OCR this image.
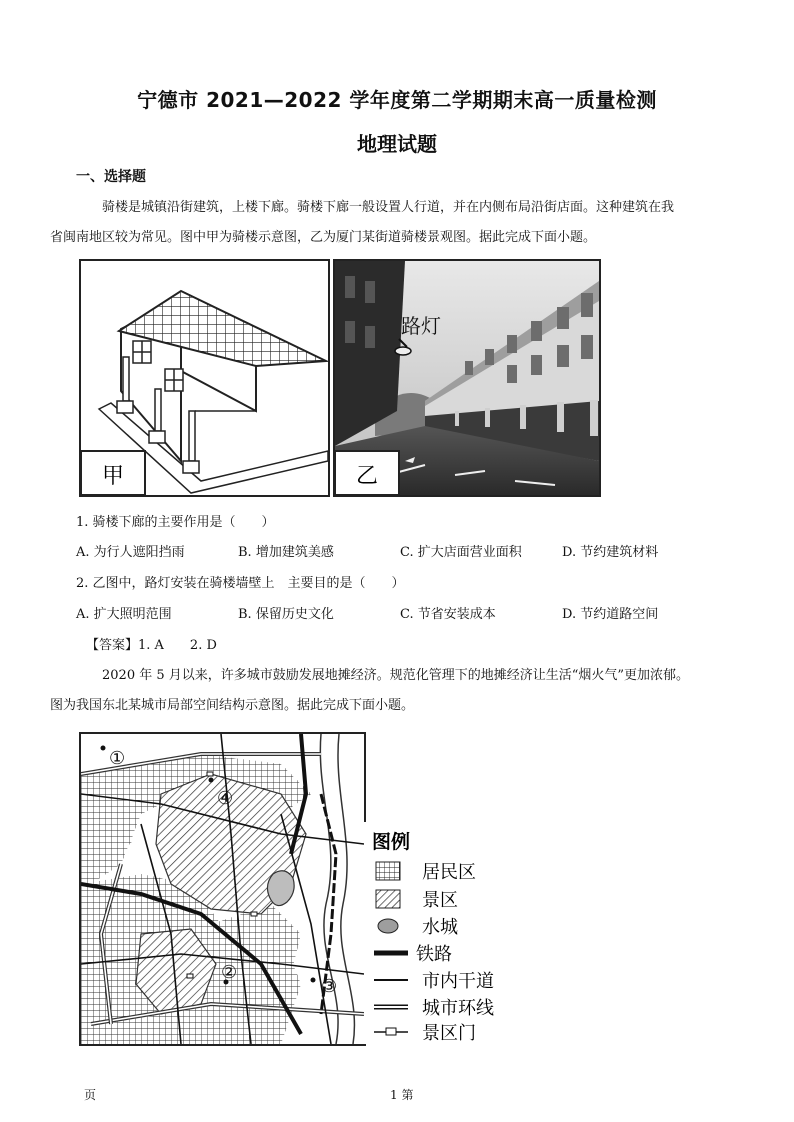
宁德市 2021—2022 学年度第二学期期末高一质量检测
地理试题
一、选择题
骑楼是城镇沿街建筑，上楼下廊。骑楼下廊一般设置人行道，并在内侧布局沿街店面。这种建筑在我
省闽南地区较为常见。图中甲为骑楼示意图，乙为厦门某街道骑楼景观图。据此完成下面小题。
甲
路灯
乙
1. 骑楼下廊的主要作用是（　　）
A. 为行人遮阳挡雨	B. 增加建筑美感	C. 扩大店面营业面积	D. 节约建筑材料
2. 乙图中，路灯安装在骑楼墙壁上　主要目的是（　　）
A. 扩大照明范围	B. 保留历史文化	C. 节省安装成本	D. 节约道路空间
【答案】1. A　　2. D
2020 年 5 月以来，许多城市鼓励发展地摊经济。规范化管理下的地摊经济让生活“烟火气”更加浓郁。
图为我国东北某城市局部空间结构示意图。据此完成下面小题。
①
④
②
③
图例
居民区
景区
水城
铁路
市内干道
城市环线
景区门
页	1 第
